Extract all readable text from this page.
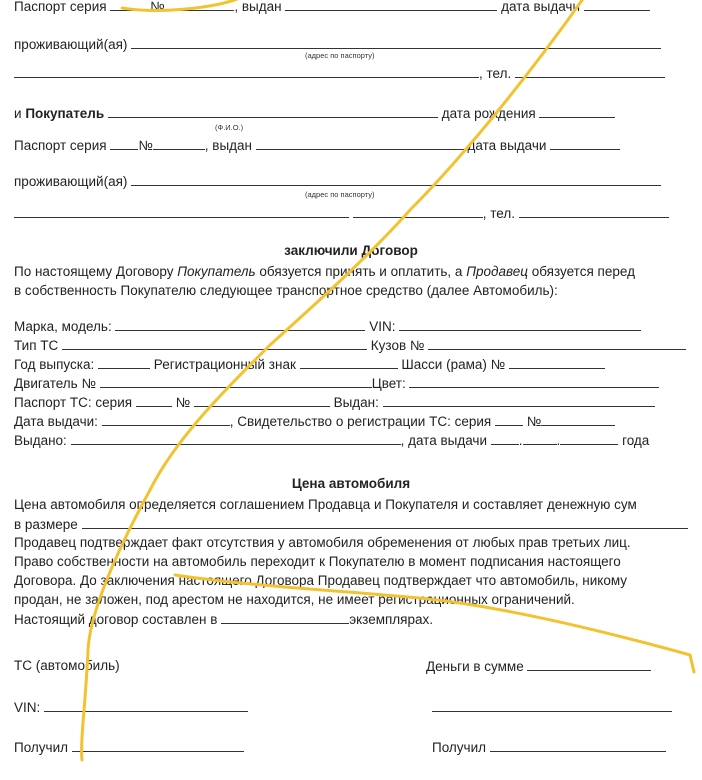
Паспорт серия	№	, выдан	дата выдачи
проживающий(ая)
(адрес по паспорту)
, тел.
и Покупатель	дата рождения
(Ф.И.О.)
Паспорт серия №	, выдан	дата выдачи
проживающий(ая)
(адрес по паспорту)
, тел.
заключили Договор
По настоящему Договору Покупатель обязуется принять и оплатить, а Продавец обязуется перед
в собственность Покупателю следующее транспортное средство (далее Автомобиль):
Марка, модель:	VIN:
Тип ТС	Кузов №
Год выпуска:	Регистрационный знак	Шасси (рама) №
Двигатель №	Цвет:
Паспорт ТС: серия	№	Выдан:
Дата выдачи:	, Свидетельство о регистрации ТС: серия	№
Выдано:	, дата выдачи .	.	года
Цена автомобиля
Цена автомобиля определяется соглашением Продавца и Покупателя и составляет денежную сум
в размере
Продавец подтверждает факт отсутствия у автомобиля обременения от любых прав третьих лиц.
Право собственности на автомобиль переходит к Покупателю в момент подписания настоящего
Договора. До заключения настоящего Договора Продавец подтверждает что автомобиль, никому
продан, не заложен, под арестом не находится, не имеет регистрационных ограничений.
Настоящий договор составлен в	экземплярах.
ТС (автомобиль)	Деньги в сумме
VIN:
Получил	Получил
